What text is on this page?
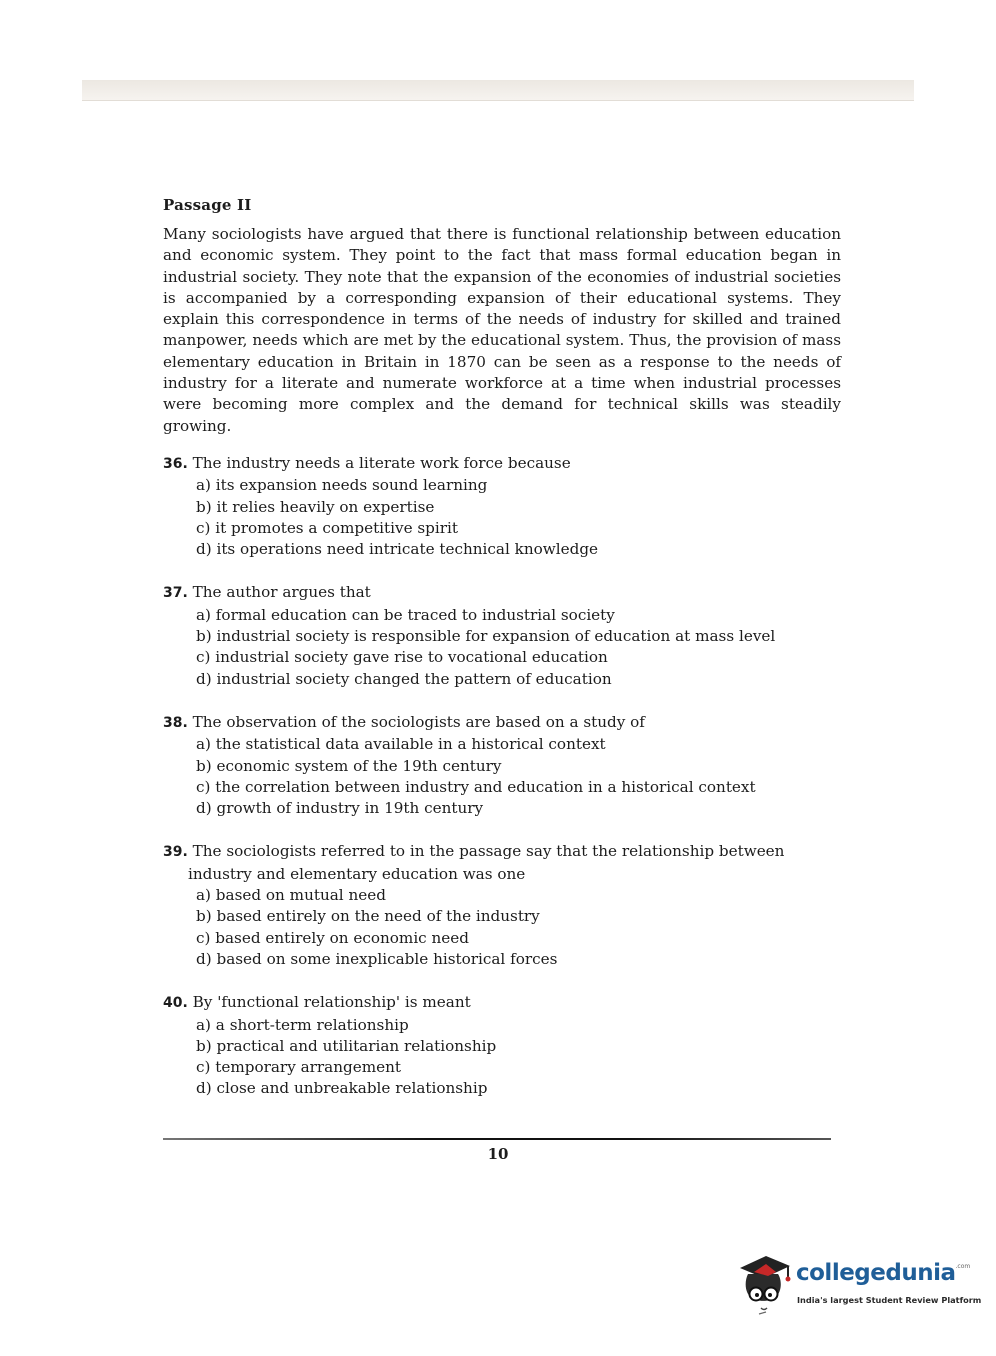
Passage II

Many sociologists have argued that there is functional relationship between education and economic system. They point to the fact that mass formal education began in industrial society. They note that the expansion of the economies of industrial societies is accompanied by a corresponding expansion of their educational systems. They explain this correspondence in terms of the needs of industry for skilled and trained manpower, needs which are met by the educational system. Thus, the provision of mass elementary education in Britain in 1870 can be seen as a response to the needs of industry for a literate and numerate workforce at a time when industrial processes were becoming more complex and the demand for technical skills was steadily growing.

36. The industry needs a literate work force because
a) its expansion needs sound learning
b) it relies heavily on expertise
c) it promotes a competitive spirit
d) its operations need intricate technical knowledge
37. The author argues that
a) formal education can be traced to industrial society
b) industrial society is responsible for expansion of education at mass level
c) industrial society gave rise to vocational education
d) industrial society changed the pattern of education
38. The observation of the sociologists are based on a study of
a) the statistical data available in a historical context
b) economic system of the 19th century
c) the correlation between industry and education in a historical context
d) growth of industry in 19th century
39. The sociologists referred to in the passage say that the relationship between industry and elementary education was one
a) based on mutual need
b) based entirely on the need of the industry
c) based entirely on economic need
d) based on some inexplicable historical forces
40. By 'functional relationship' is meant
a) a short-term relationship
b) practical and utilitarian relationship
c) temporary arrangement
d) close and unbreakable relationship
10
collegedunia$^{.com}$
India's largest Student Review Platform
